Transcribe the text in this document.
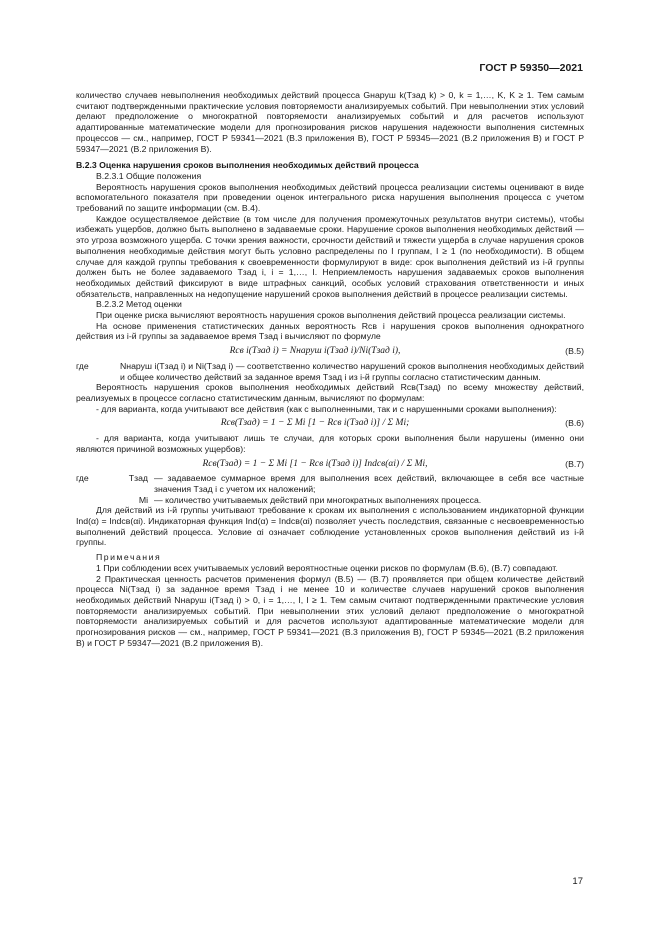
ГОСТ Р 59350—2021

количество случаев невыполнения необходимых действий процесса Gнаруш k(Tзад k) > 0, k = 1,…, K, K ≥ 1. Тем самым считают подтвержденными практические условия повторяемости анализируемых событий. При невыполнении этих условий делают предположение о многократной повторяемости анализируемых событий и для расчетов используют адаптированные математические модели для прогнозирования рисков нарушения надежности выполнения системных процессов — см., например, ГОСТ Р 59341—2021 (В.3 приложения В), ГОСТ Р 59345—2021 (В.2 приложения В) и ГОСТ Р 59347—2021 (В.2 приложения В).

В.2.3 Оценка нарушения сроков выполнения необходимых действий процесса

В.2.3.1 Общие положения

Вероятность нарушения сроков выполнения необходимых действий процесса реализации системы оценивают в виде вспомогательного показателя при проведении оценок интегрального риска нарушения выполнения процесса с учетом требований по защите информации (см. В.4).

Каждое осуществляемое действие (в том числе для получения промежуточных результатов внутри системы), чтобы избежать ущербов, должно быть выполнено в задаваемые сроки. Нарушение сроков выполнения необходимых действий — это угроза возможного ущерба. С точки зрения важности, срочности действий и тяжести ущерба в случае нарушения сроков выполнения необходимые действия могут быть условно распределены по I группам, I ≥ 1 (по необходимости). В общем случае для каждой группы требования к своевременности формулируют в виде: срок выполнения действий из i-й группы должен быть не более задаваемого Tзад i, i = 1,…, I. Неприемлемость нарушения задаваемых сроков выполнения необходимых действий фиксируют в виде штрафных санкций, особых условий страхования ответственности и иных обязательств, направленных на недопущение нарушений сроков выполнения действий в процессе реализации системы.

В.2.3.2 Метод оценки

При оценке риска вычисляют вероятность нарушения сроков выполнения действий процесса реализации системы.

На основе применения статистических данных вероятность Rсв i нарушения сроков выполнения однократного действия из i-й группы за задаваемое время Tзад i вычисляют по формуле

Rсв i(Tзад i) = Nнаруш i(Tзад i)/Ni(Tзад i),	(В.5)
где	Nнаруш i(Tзад i) и Ni(Tзад i) — соответственно количество нарушений сроков выполнения необходимых действий и общее количество действий за заданное время Tзад i из i-й группы согласно статистическим данным.

Вероятность нарушения сроков выполнения необходимых действий Rсв(Tзад) по всему множеству действий, реализуемых в процессе согласно статистическим данным, вычисляют по формулам:

- для варианта, когда учитывают все действия (как с выполненными, так и с нарушенными сроками выполнения):

Rсв(Tзад) = 1 − Σ Mi [1 − Rсв i(Tзад i)] / Σ Mi;	(В.6)

- для варианта, когда учитывают лишь те случаи, для которых сроки выполнения были нарушены (именно они являются причиной возможных ущербов):

Rсв(Tзад) = 1 − Σ Mi [1 − Rсв i(Tзад i)] Indсв(αi) / Σ Mi,	(В.7)
где	Tзад — задаваемое суммарное время для выполнения всех действий, включающее в себя все частные значения Tзад i с учетом их наложений;
Mi — количество учитываемых действий при многократных выполнениях процесса.

Для действий из i-й группы учитывают требование к срокам их выполнения с использованием индикаторной функции Ind(α) = Indсв(αi). Индикаторная функция Ind(α) = Indсв(αi) позволяет учесть последствия, связанные с несвоевременностью выполнений действий процесса. Условие αi означает соблюдение установленных сроков выполнения действий из i-й группы.

Примечания

1 При соблюдении всех учитываемых условий вероятностные оценки рисков по формулам (В.6), (В.7) совпадают.

2 Практическая ценность расчетов применения формул (В.5) — (В.7) проявляется при общем количестве действий процесса Ni(Tзад i) за заданное время Tзад i не менее 10 и количестве случаев нарушений сроков выполнения необходимых действий Nнаруш i(Tзад i) > 0, i = 1,…, I, I ≥ 1. Тем самым считают подтвержденными практические условия повторяемости анализируемых событий. При невыполнении этих условий делают предположение о многократной повторяемости анализируемых событий и для расчетов используют адаптированные математические модели для прогнозирования рисков — см., например, ГОСТ Р 59341—2021 (В.3 приложения В), ГОСТ Р 59345—2021 (В.2 приложения В) и ГОСТ Р 59347—2021 (В.2 приложения В).

17
